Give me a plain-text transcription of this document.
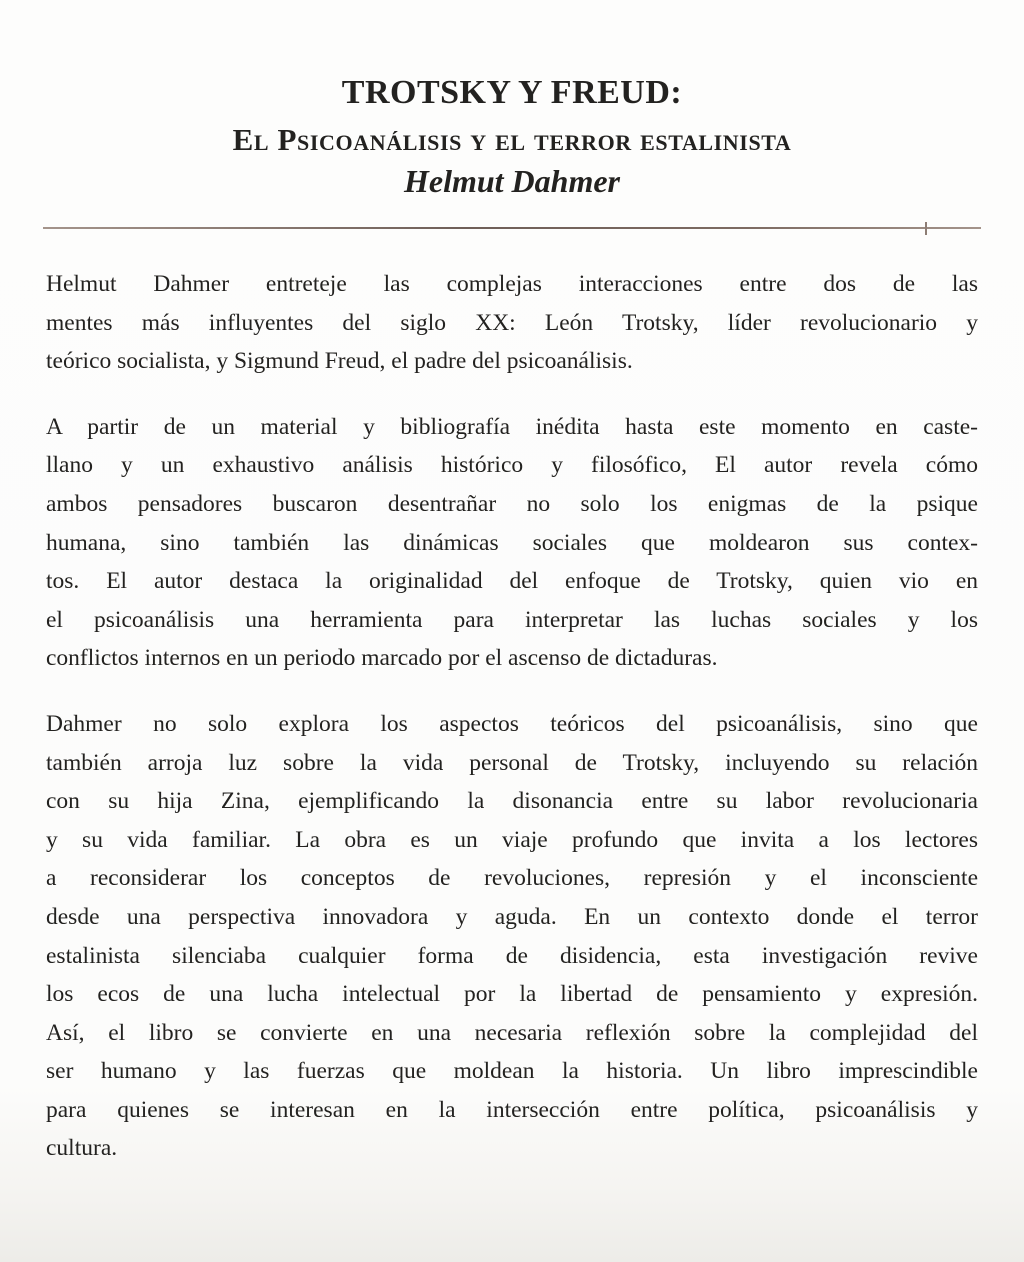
TROTSKY Y FREUD:
El Psicoanálisis y el terror estalinista
Helmut Dahmer

Helmut Dahmer entreteje las complejas interacciones entre dos de las
mentes más influyentes del siglo XX: León Trotsky, líder revolucionario y
teórico socialista, y Sigmund Freud, el padre del psicoanálisis.

A partir de un material y bibliografía inédita hasta este momento en caste-
llano y un exhaustivo análisis histórico y filosófico, El autor revela cómo
ambos pensadores buscaron desentrañar no solo los enigmas de la psique
humana, sino también las dinámicas sociales que moldearon sus contex-
tos. El autor destaca la originalidad del enfoque de Trotsky, quien vio en
el psicoanálisis una herramienta para interpretar las luchas sociales y los
conflictos internos en un periodo marcado por el ascenso de dictaduras.

Dahmer no solo explora los aspectos teóricos del psicoanálisis, sino que
también arroja luz sobre la vida personal de Trotsky, incluyendo su relación
con su hija Zina, ejemplificando la disonancia entre su labor revolucionaria
y su vida familiar. La obra es un viaje profundo que invita a los lectores
a reconsiderar los conceptos de revoluciones, represión y el inconsciente
desde una perspectiva innovadora y aguda. En un contexto donde el terror
estalinista silenciaba cualquier forma de disidencia, esta investigación revive
los ecos de una lucha intelectual por la libertad de pensamiento y expresión.
Así, el libro se convierte en una necesaria reflexión sobre la complejidad del
ser humano y las fuerzas que moldean la historia. Un libro imprescindible
para quienes se interesan en la intersección entre política, psicoanálisis y
cultura.
